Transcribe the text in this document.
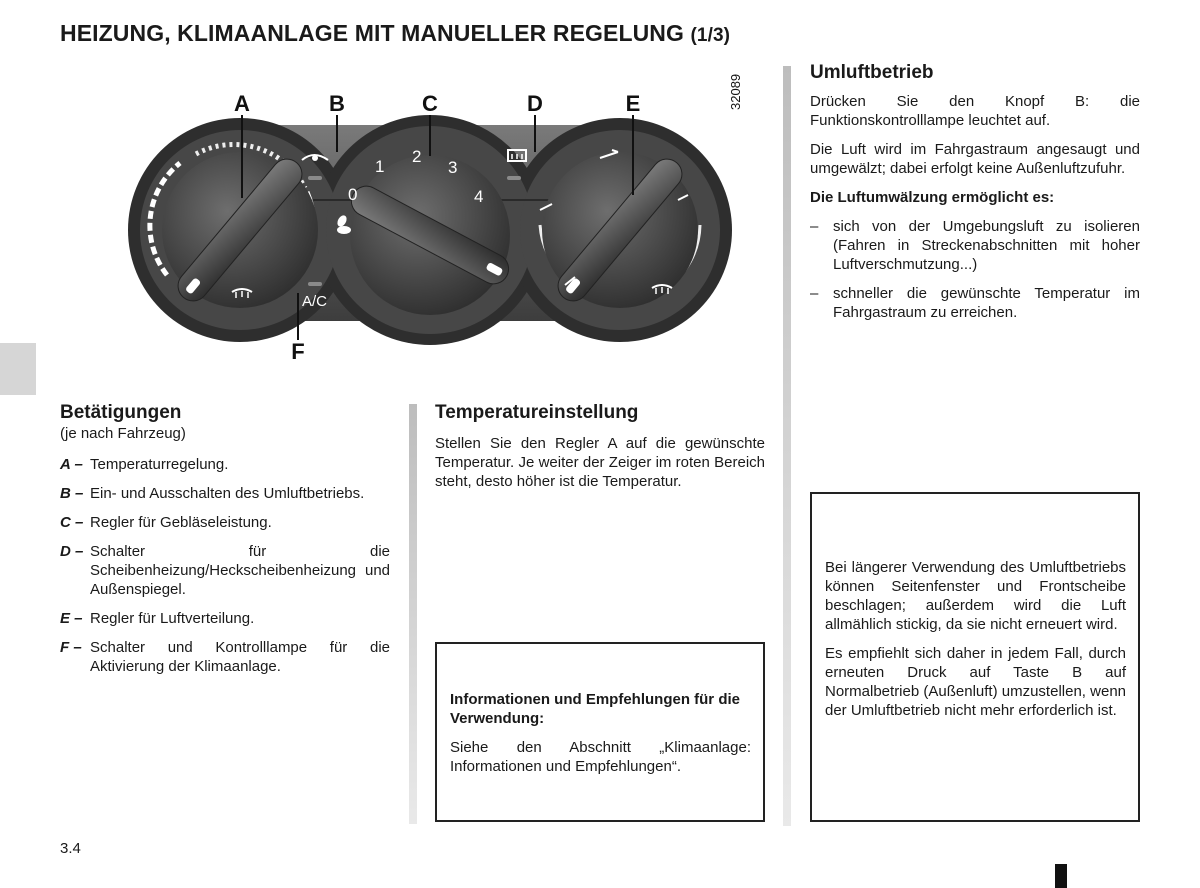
HEIZUNG, KLIMAANLAGE MIT MANUELLER REGELUNG (1/3)
0
1
2
3
4
A/C
A	B	C	D	E
F
32089
Betätigungen
(je nach Fahrzeug)
A – Temperaturregelung.
B – Ein- und Ausschalten des Umluftbetriebs.
C – Regler für Gebläseleistung.
D – Schalter für die Scheibenheizung/Heckscheibenheizung und Außenspiegel.
E – Regler für Luftverteilung.
F – Schalter und Kontrolllampe für die Aktivierung der Klimaanlage.
Temperatureinstellung

Stellen Sie den Regler A auf die gewünschte Temperatur. Je weiter der Zeiger im roten Bereich steht, desto höher ist die Temperatur.

Informationen und Empfehlungen für die Verwendung:

Siehe den Abschnitt „Klimaanlage: Informationen und Empfehlungen“.

Umluftbetrieb

Drücken Sie den Knopf B: die Funktionskontrolllampe leuchtet auf.

Die Luft wird im Fahrgastraum angesaugt und umgewälzt; dabei erfolgt keine Außenluftzufuhr.

Die Luftumwälzung ermöglicht es:

– sich von der Umgebungsluft zu isolieren (Fahren in Streckenabschnitten mit hoher Luftverschmutzung...)
– schneller die gewünschte Temperatur im Fahrgastraum zu erreichen.

Bei längerer Verwendung des Umluftbetriebs können Seitenfenster und Frontscheibe beschlagen; außerdem wird die Luft allmählich stickig, da sie nicht erneuert wird.

Es empfiehlt sich daher in jedem Fall, durch erneuten Druck auf Taste B auf Normalbetrieb (Außenluft) umzustellen, wenn der Umluftbetrieb nicht mehr erforderlich ist.

3.4
